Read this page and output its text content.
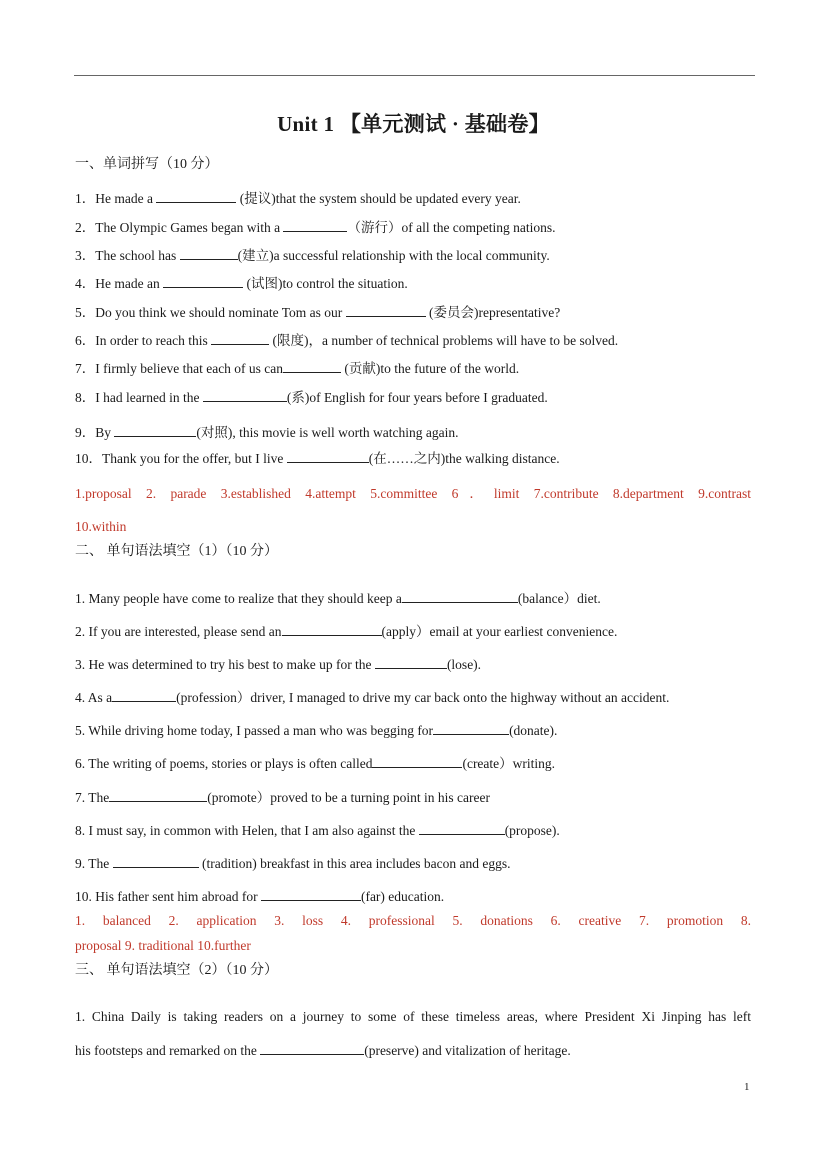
Unit 1 【单元测试 · 基础卷】
一、单词拼写（10 分）
1．He made a	(提议)that the system should be updated every year.
2．The Olympic Games began with a	（游行）of all the competing nations.
3．The school has	(建立)a successful relationship with the local community.
4．He made an	(试图)to control the situation.
5．Do you think we should nominate Tom as our	(委员会)representative?
6．In order to reach this	(限度)，a number of technical problems will have to be solved.
7．I firmly believe that each of us can	(贡献)to the future of the world.
8．I had learned in the	(系)of English for four years before I graduated.
9．By	(对照), this movie is well worth watching again.
10．Thank you for the offer, but I live	(在……之内)the walking distance.
1.proposal 2. parade 3.established 4.attempt 5.committee 6．limit 7.contribute 8.department 9.contrast
10.within
二、 单句语法填空（1）（10 分）
1. Many people have come to realize that they should keep a	(balance）diet.
2. If you are interested, please send an	(apply）email at your earliest convenience.
3. He was determined to try his best to make up for the	(lose).
4. As a	(profession）driver, I managed to drive my car back onto the highway without an accident.
5. While driving home today, I passed a man who was begging for	(donate).
6. The writing of poems, stories or plays is often called	(create）writing.
7. The	(promote）proved to be a turning point in his career
8. I must say, in common with Helen, that I am also against the	(propose).
9. The	(tradition) breakfast in this area includes bacon and eggs.
10. His father sent him abroad for	(far) education.
1. balanced 2. application 3. loss 4. professional 5. donations 6. creative 7. promotion 8.
proposal 9. traditional 10.further
三、 单句语法填空（2）（10 分）
1. China Daily is taking readers on a journey to some of these timeless areas, where President Xi Jinping has left
his footsteps and remarked on the	(preserve) and vitalization of heritage.
1
